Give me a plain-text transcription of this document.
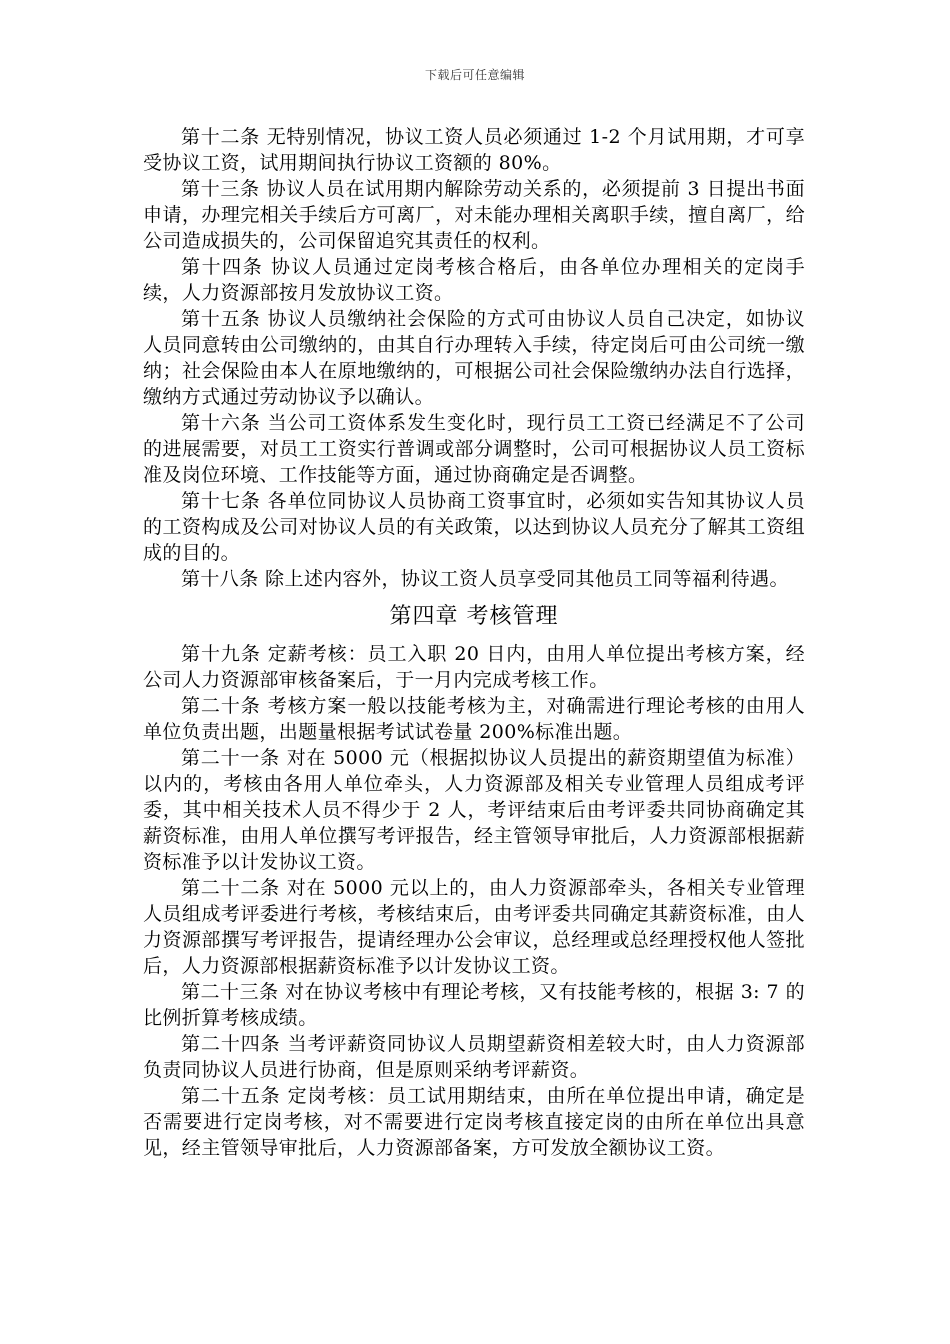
下载后可任意编辑

第十二条 无特别情况，协议工资人员必须通过 1-2 个月试用期，才可享受协议工资，试用期间执行协议工资额的 80%。

第十三条 协议人员在试用期内解除劳动关系的，必须提前 3 日提出书面申请，办理完相关手续后方可离厂，对未能办理相关离职手续，擅自离厂，给公司造成损失的，公司保留追究其责任的权利。

第十四条 协议人员通过定岗考核合格后，由各单位办理相关的定岗手续，人力资源部按月发放协议工资。

第十五条 协议人员缴纳社会保险的方式可由协议人员自己决定，如协议人员同意转由公司缴纳的，由其自行办理转入手续，待定岗后可由公司统一缴纳；社会保险由本人在原地缴纳的，可根据公司社会保险缴纳办法自行选择，缴纳方式通过劳动协议予以确认。

第十六条 当公司工资体系发生变化时，现行员工工资已经满足不了公司的进展需要，对员工工资实行普调或部分调整时，公司可根据协议人员工资标准及岗位环境、工作技能等方面，通过协商确定是否调整。

第十七条 各单位同协议人员协商工资事宜时，必须如实告知其协议人员的工资构成及公司对协议人员的有关政策，以达到协议人员充分了解其工资组成的目的。

第十八条 除上述内容外，协议工资人员享受同其他员工同等福利待遇。

第四章 考核管理

第十九条 定薪考核：员工入职 20 日内，由用人单位提出考核方案，经公司人力资源部审核备案后，于一月内完成考核工作。

第二十条 考核方案一般以技能考核为主，对确需进行理论考核的由用人单位负责出题，出题量根据考试试卷量 200%标准出题。

第二十一条 对在 5000 元（根据拟协议人员提出的薪资期望值为标准）以内的，考核由各用人单位牵头，人力资源部及相关专业管理人员组成考评委，其中相关技术人员不得少于 2 人，考评结束后由考评委共同协商确定其薪资标准，由用人单位撰写考评报告，经主管领导审批后，人力资源部根据薪资标准予以计发协议工资。

第二十二条 对在 5000 元以上的，由人力资源部牵头，各相关专业管理人员组成考评委进行考核，考核结束后，由考评委共同确定其薪资标准，由人力资源部撰写考评报告，提请经理办公会审议，总经理或总经理授权他人签批后，人力资源部根据薪资标准予以计发协议工资。

第二十三条 对在协议考核中有理论考核，又有技能考核的，根据 3: 7 的比例折算考核成绩。

第二十四条 当考评薪资同协议人员期望薪资相差较大时，由人力资源部负责同协议人员进行协商，但是原则采纳考评薪资。

第二十五条 定岗考核：员工试用期结束，由所在单位提出申请，确定是否需要进行定岗考核，对不需要进行定岗考核直接定岗的由所在单位出具意见，经主管领导审批后，人力资源部备案，方可发放全额协议工资。
